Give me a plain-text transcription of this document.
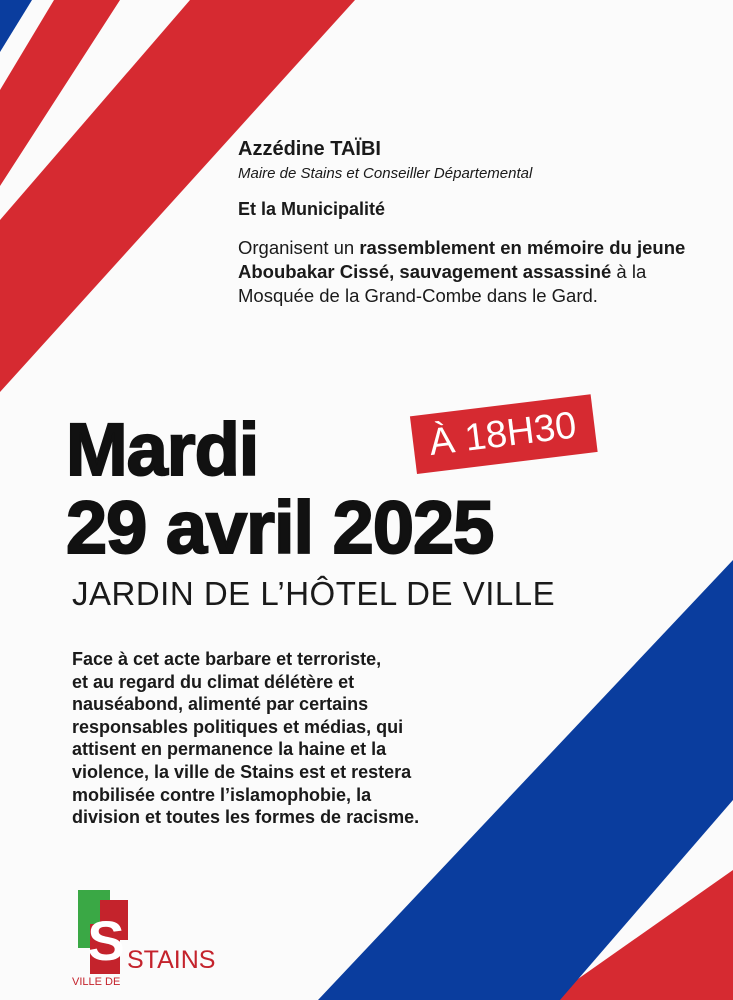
Azzédine TAÏBI
Maire de Stains et Conseiller Départemental
Et la Municipalité
Organisent un rassemblement en mémoire du jeune Aboubakar Cissé, sauvagement assassiné à la Mosquée de la Grand-Combe dans le Gard.
Mardi	À 18H30
29 avril 2025
JARDIN DE L’HÔTEL DE VILLE
Face à cet acte barbare et terroriste,
et au regard du climat délétère et
nauséabond, alimenté par certains
responsables politiques et médias, qui
attisent en permanence la haine et la
violence, la ville de Stains est et restera
mobilisée contre l’islamophobie, la
division et toutes les formes de racisme.
S STAINS
VILLE DE
